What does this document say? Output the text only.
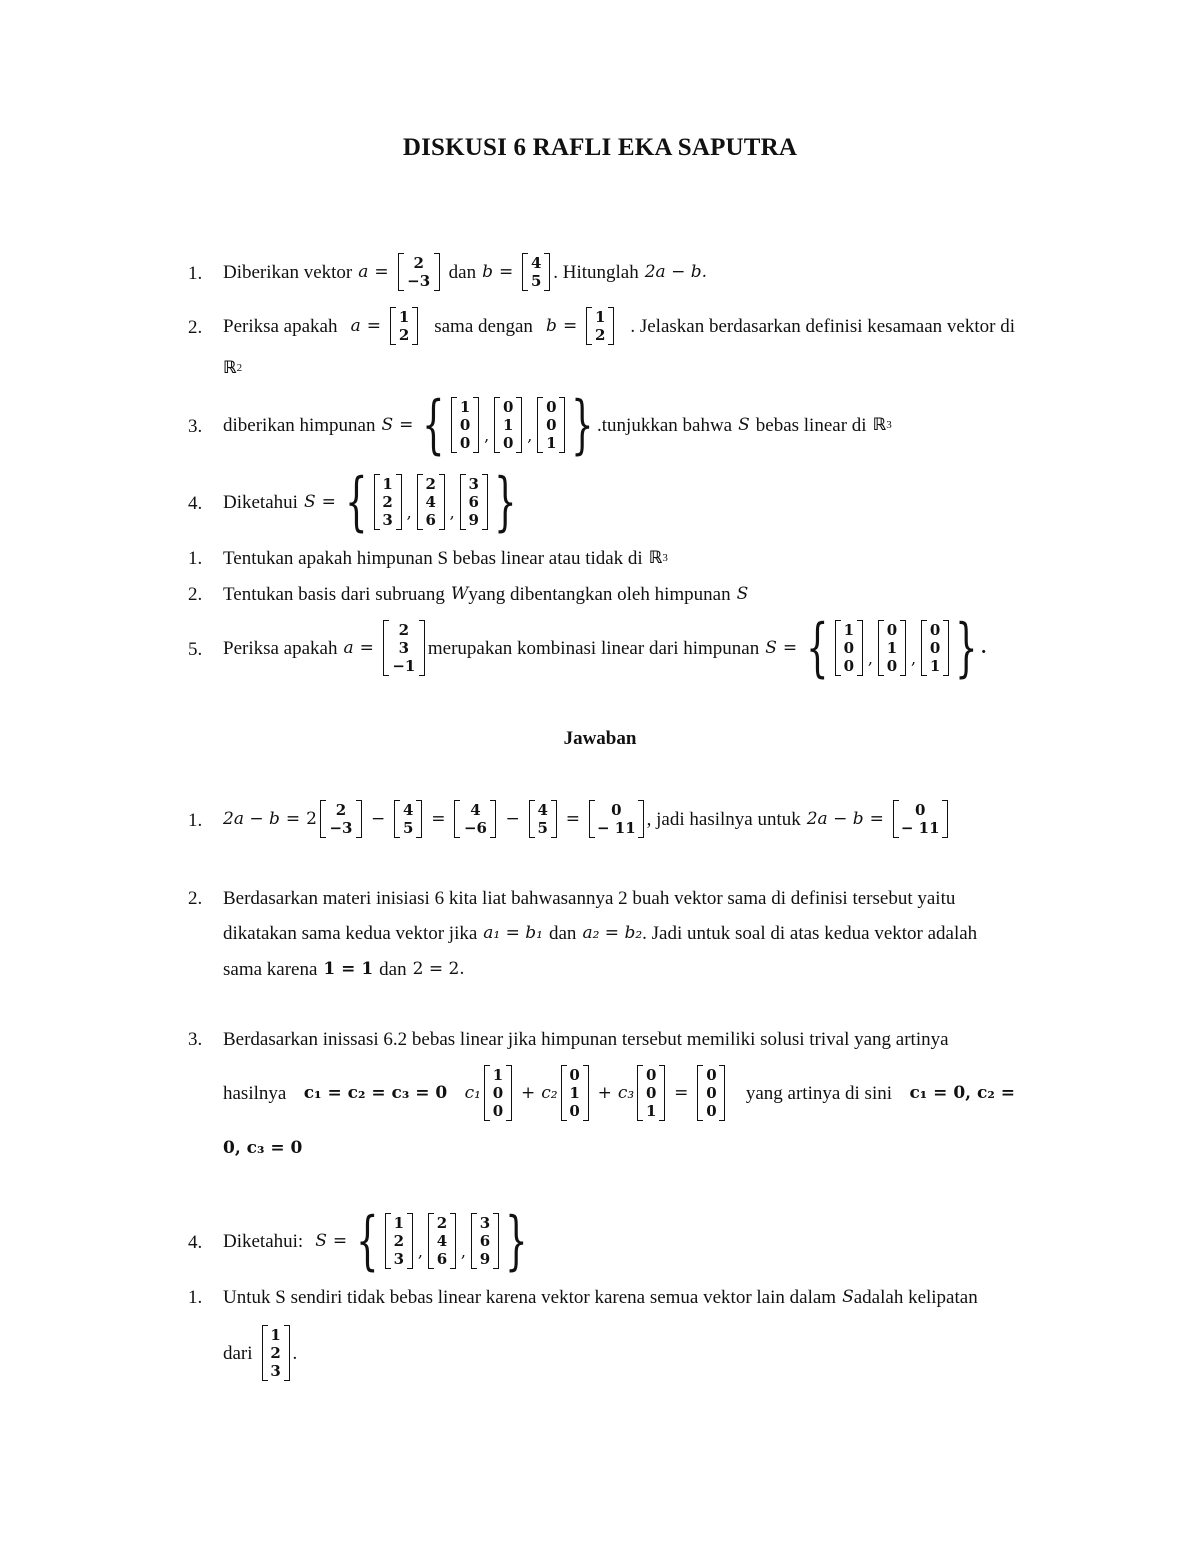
DISKUSI 6 RAFLI EKA SAPUTRA
1. Diberikan vektor a =	2
−3 dan b = 4
5 . Hitunglah 2a − b.
2. Periksa apakah a = 1
2 sama dengan b = 1
2 . Jelaskan berdasarkan definisi kesamaan vektor di
ℝ 2
3. diberikan himpunan S = { 1
0
0 ,
0
1
0 ,
0
0
1 } .tunjukkan bahwa S bebas linear di ℝ 3
4. Diketahui S = { 1
2
3 ,
2
4
6 ,
3
6
9 }
1. Tentukan apakah himpunan S bebas linear atau tidak di ℝ 3
2. Tentukan basis dari subruang W yang dibentangkan oleh himpunan S
5. Periksa apakah a =
2
3
−1
merupakan kombinasi linear dari himpunan S = { 1
0
0 ,
0
1
0 ,
0
0
1 } .
Jawaban
1. 2a − b = 2	2
−3 − 4
5 =	4
−6 − 4
5 =	0
− 11 , jadi hasilnya untuk 2a − b =	0
− 11
2. Berdasarkan materi inisiasi 6 kita liat bahwasannya 2 buah vektor sama di definisi tersebut yaitu
dikatakan sama kedua vektor jika a₁ = b₁ dan a₂ = b₂ . Jadi untuk soal di atas kedua vektor adalah
sama karena 1 = 1 dan 2 = 2.
3. Berdasarkan inissasi 6.2 bebas linear jika himpunan tersebut memiliki solusi trival yang artinya
hasilnya c₁ = c₂ = c₃ = 0 c₁
1
0
0
+ c₂
0
1
0
+ c₃
0
0
1
=
0
0
0
yang artinya di sini c₁ = 0, c₂ =
0, c₃ = 0
4. Diketahui: S = { 1
2
3 ,
2
4
6 ,
3
6
9 }
1. Untuk S sendiri tidak bebas linear karena vektor karena semua vektor lain dalam S adalah kelipatan
dari
1
2
3
.
